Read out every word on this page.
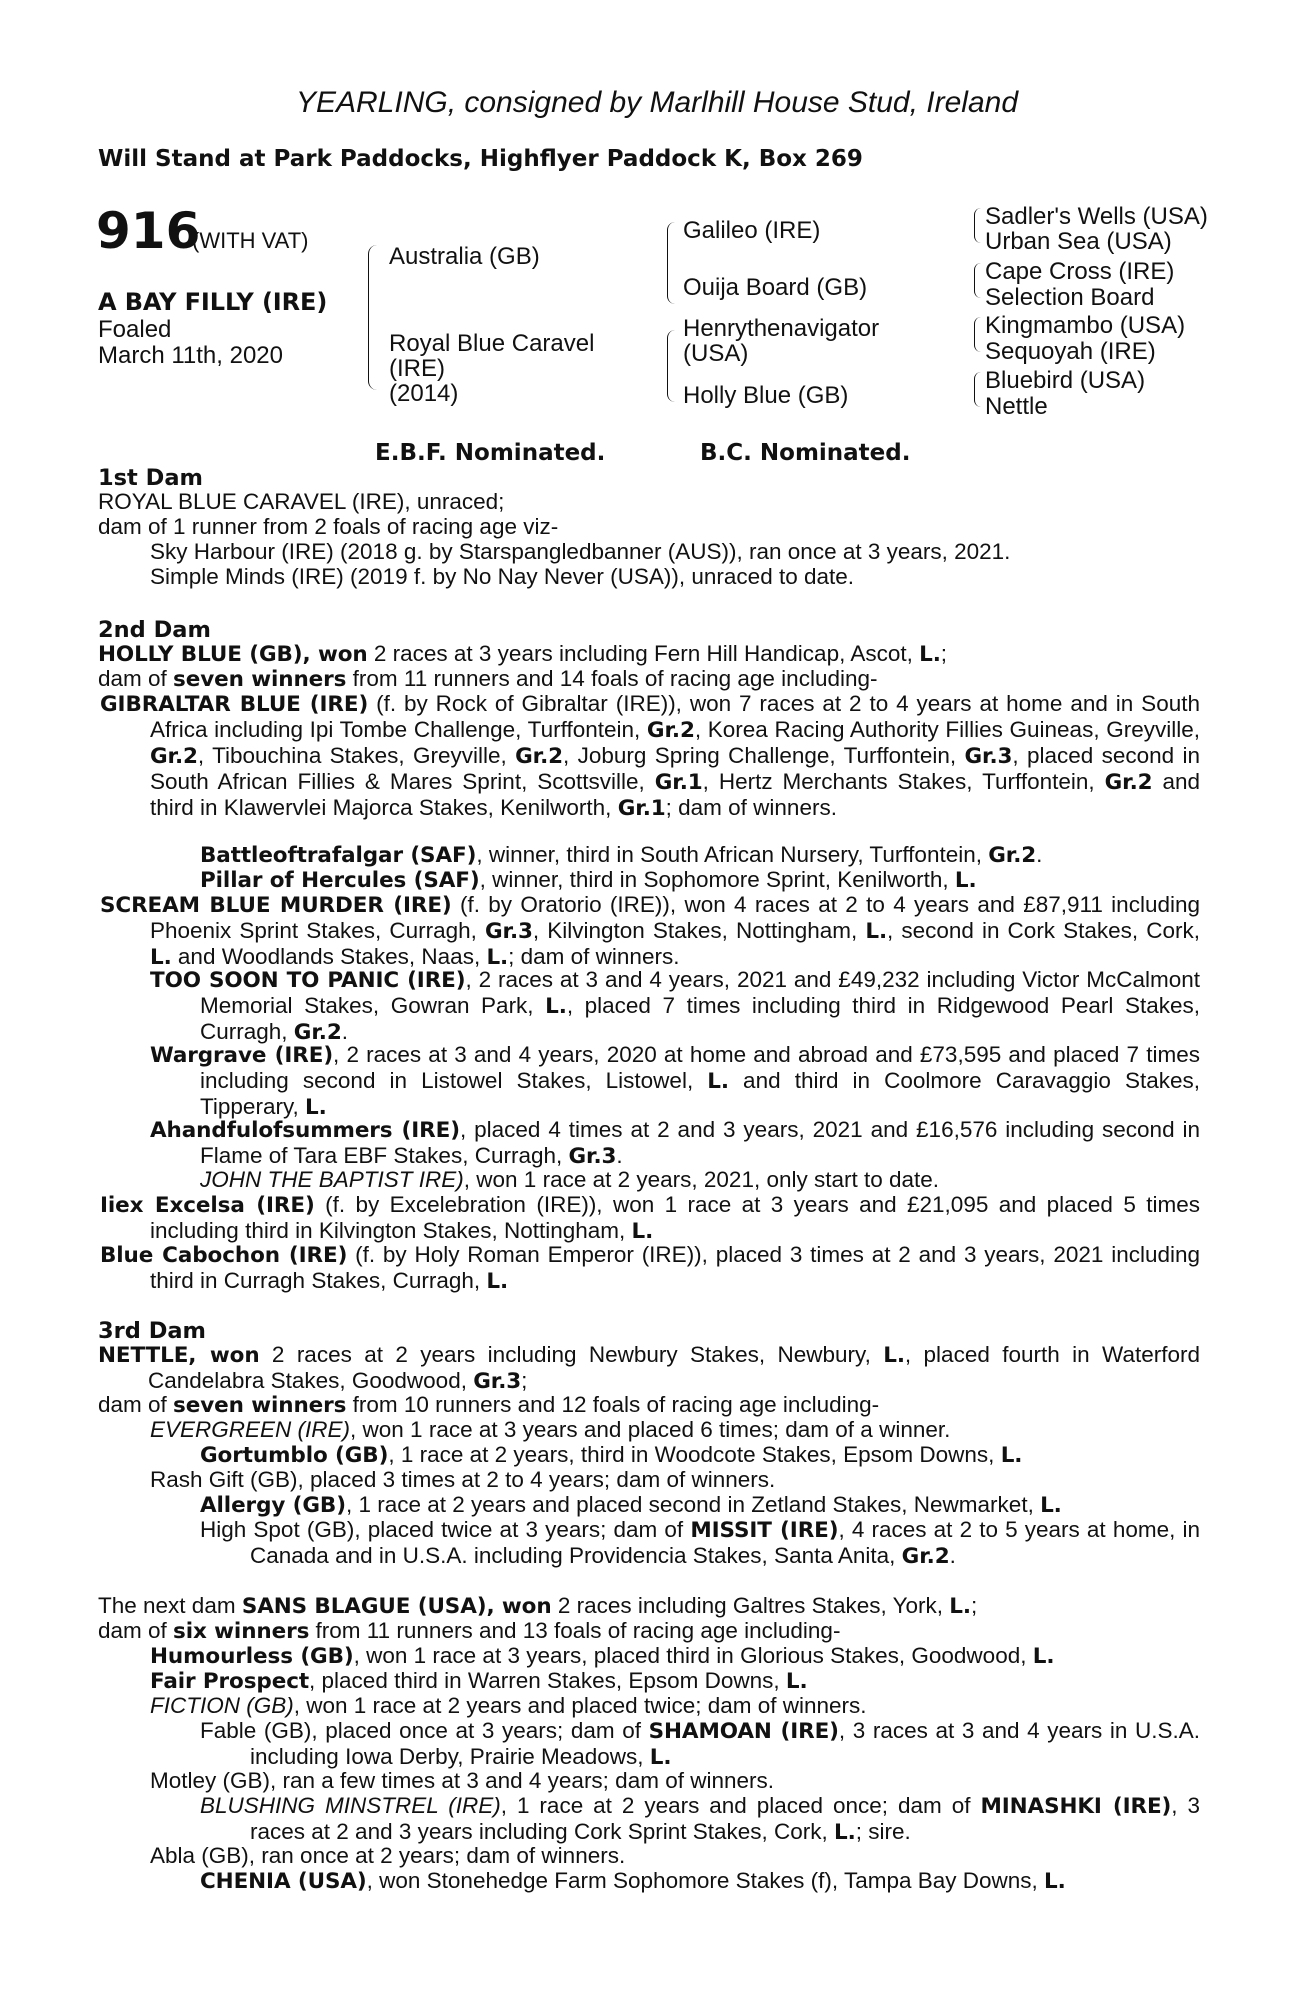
YEARLING, consigned by Marlhill House Stud, Ireland
Will Stand at Park Paddocks, Highflyer Paddock K, Box 269
916
(WITH VAT)
A BAY FILLY (IRE)
Foaled
March 11th, 2020
Australia (GB)
Royal Blue Caravel
(IRE)
(2014)
Galileo (IRE)
Ouija Board (GB)
Henrythenavigator
(USA)
Holly Blue (GB)
Sadler's Wells (USA)
Urban Sea (USA)
Cape Cross (IRE)
Selection Board
Kingmambo (USA)
Sequoyah (IRE)
Bluebird (USA)
Nettle
E.B.F. Nominated.	B.C. Nominated.
1st Dam
ROYAL BLUE CARAVEL (IRE), unraced;
dam of 1 runner from 2 foals of racing age viz-
Sky Harbour (IRE) (2018 g. by Starspangledbanner (AUS)), ran once at 3 years, 2021.
Simple Minds (IRE) (2019 f. by No Nay Never (USA)), unraced to date.
2nd Dam
HOLLY BLUE (GB), won 2 races at 3 years including Fern Hill Handicap, Ascot, L.;
dam of seven winners from 11 runners and 14 foals of racing age including-
GIBRALTAR BLUE (IRE) (f. by Rock of Gibraltar (IRE)), won 7 races at 2 to 4 years at home and in South Africa including Ipi Tombe Challenge, Turffontein, Gr.2, Korea Racing Authority Fillies Guineas, Greyville, Gr.2, Tibouchina Stakes, Greyville, Gr.2, Joburg Spring Challenge, Turffontein, Gr.3, placed second in South African Fillies & Mares Sprint, Scottsville, Gr.1, Hertz Merchants Stakes, Turffontein, Gr.2 and third in Klawervlei Majorca Stakes, Kenilworth, Gr.1; dam of winners.
Battleoftrafalgar (SAF), winner, third in South African Nursery, Turffontein, Gr.2.
Pillar of Hercules (SAF), winner, third in Sophomore Sprint, Kenilworth, L.
SCREAM BLUE MURDER (IRE) (f. by Oratorio (IRE)), won 4 races at 2 to 4 years and £87,911 including Phoenix Sprint Stakes, Curragh, Gr.3, Kilvington Stakes, Nottingham, L., second in Cork Stakes, Cork, L. and Woodlands Stakes, Naas, L.; dam of winners.
TOO SOON TO PANIC (IRE), 2 races at 3 and 4 years, 2021 and £49,232 including Victor McCalmont Memorial Stakes, Gowran Park, L., placed 7 times including third in Ridgewood Pearl Stakes, Curragh, Gr.2.
Wargrave (IRE), 2 races at 3 and 4 years, 2020 at home and abroad and £73,595 and placed 7 times including second in Listowel Stakes, Listowel, L. and third in Coolmore Caravaggio Stakes, Tipperary, L.
Ahandfulofsummers (IRE), placed 4 times at 2 and 3 years, 2021 and £16,576 including second in Flame of Tara EBF Stakes, Curragh, Gr.3.
JOHN THE BAPTIST IRE), won 1 race at 2 years, 2021, only start to date.
Iiex Excelsa (IRE) (f. by Excelebration (IRE)), won 1 race at 3 years and £21,095 and placed 5 times including third in Kilvington Stakes, Nottingham, L.
Blue Cabochon (IRE) (f. by Holy Roman Emperor (IRE)), placed 3 times at 2 and 3 years, 2021 including third in Curragh Stakes, Curragh, L.
3rd Dam
NETTLE, won 2 races at 2 years including Newbury Stakes, Newbury, L., placed fourth in Waterford Candelabra Stakes, Goodwood, Gr.3;
dam of seven winners from 10 runners and 12 foals of racing age including-
EVERGREEN (IRE), won 1 race at 3 years and placed 6 times; dam of a winner.
Gortumblo (GB), 1 race at 2 years, third in Woodcote Stakes, Epsom Downs, L.
Rash Gift (GB), placed 3 times at 2 to 4 years; dam of winners.
Allergy (GB), 1 race at 2 years and placed second in Zetland Stakes, Newmarket, L.
High Spot (GB), placed twice at 3 years; dam of MISSIT (IRE), 4 races at 2 to 5 years at home, in Canada and in U.S.A. including Providencia Stakes, Santa Anita, Gr.2.
The next dam SANS BLAGUE (USA), won 2 races including Galtres Stakes, York, L.;
dam of six winners from 11 runners and 13 foals of racing age including-
Humourless (GB), won 1 race at 3 years, placed third in Glorious Stakes, Goodwood, L.
Fair Prospect, placed third in Warren Stakes, Epsom Downs, L.
FICTION (GB), won 1 race at 2 years and placed twice; dam of winners.
Fable (GB), placed once at 3 years; dam of SHAMOAN (IRE), 3 races at 3 and 4 years in U.S.A. including Iowa Derby, Prairie Meadows, L.
Motley (GB), ran a few times at 3 and 4 years; dam of winners.
BLUSHING MINSTREL (IRE), 1 race at 2 years and placed once; dam of MINASHKI (IRE), 3 races at 2 and 3 years including Cork Sprint Stakes, Cork, L.; sire.
Abla (GB), ran once at 2 years; dam of winners.
CHENIA (USA), won Stonehedge Farm Sophomore Stakes (f), Tampa Bay Downs, L.
